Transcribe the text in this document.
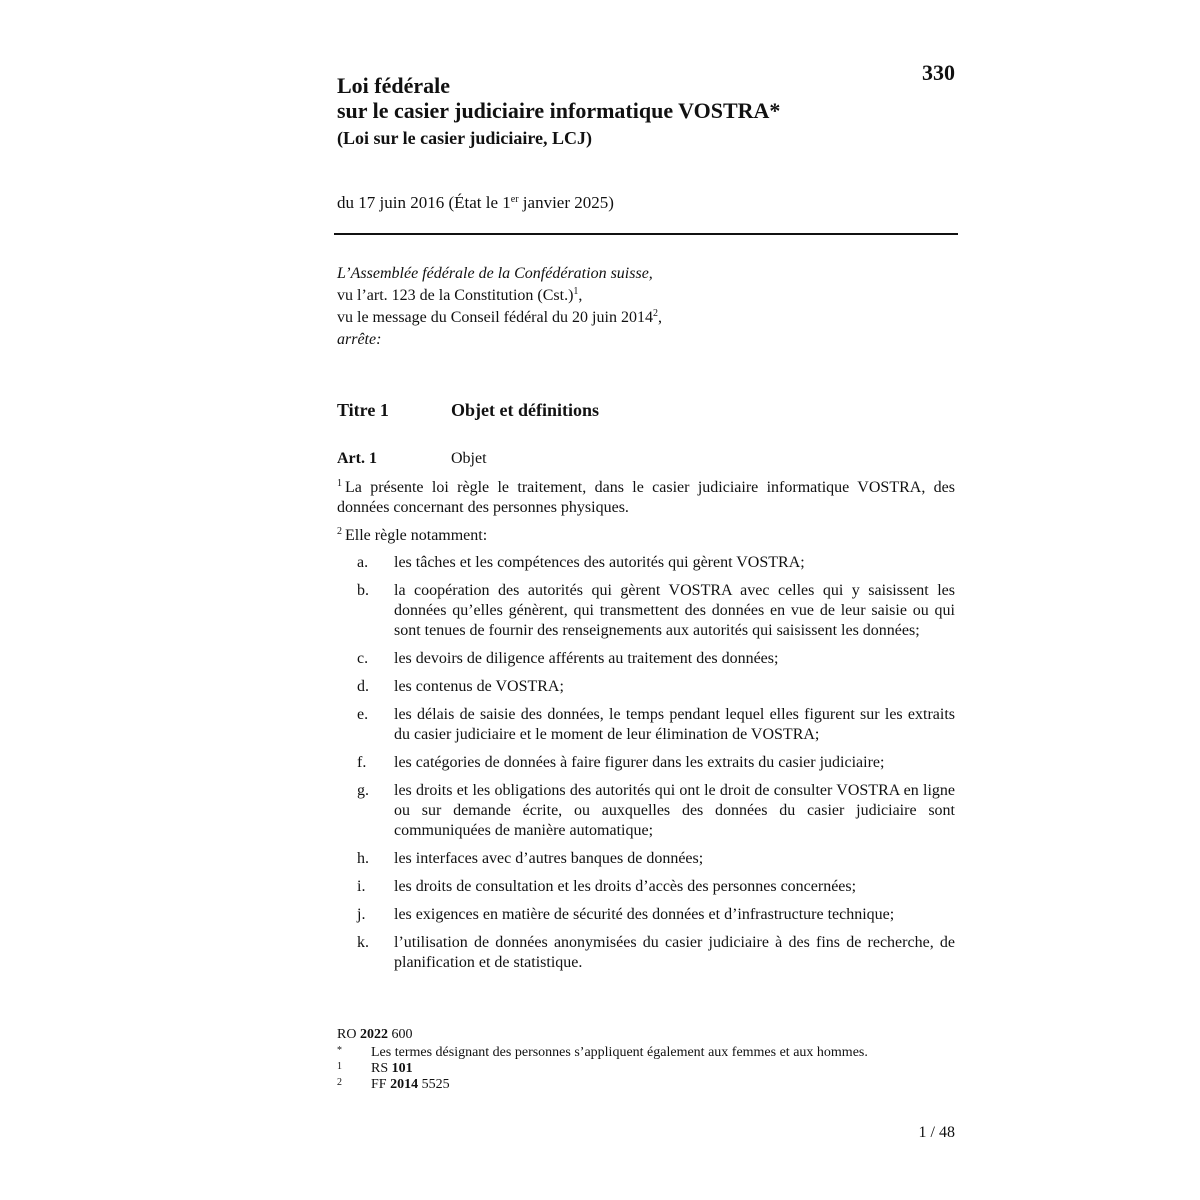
330
Loi fédérale
sur le casier judiciaire informatique VOSTRA*
(Loi sur le casier judiciaire, LCJ)
du 17 juin 2016 (État le 1er janvier 2025)
L’Assemblée fédérale de la Confédération suisse,
vu l’art. 123 de la Constitution (Cst.)$^1$,
vu le message du Conseil fédéral du 20 juin 2014$^2$,
arrête:
Titre 1	Objet et définitions
Art. 1	Objet
$^1$ La présente loi règle le traitement, dans le casier judiciaire informatique VOSTRA, des données concernant des personnes physiques.
$^2$ Elle règle notamment:
a.	les tâches et les compétences des autorités qui gèrent VOSTRA;
b.	la coopération des autorités qui gèrent VOSTRA avec celles qui y saisissent les données qu’elles génèrent, qui transmettent des données en vue de leur saisie ou qui sont tenues de fournir des renseignements aux autorités qui saisissent les données;
c.	les devoirs de diligence afférents au traitement des données;
d.	les contenus de VOSTRA;
e.	les délais de saisie des données, le temps pendant lequel elles figurent sur les extraits du casier judiciaire et le moment de leur élimination de VOSTRA;
f.	les catégories de données à faire figurer dans les extraits du casier judiciaire;
g.	les droits et les obligations des autorités qui ont le droit de consulter VOSTRA en ligne ou sur demande écrite, ou auxquelles des données du casier judiciaire sont communiquées de manière automatique;
h.	les interfaces avec d’autres banques de données;
i.	les droits de consultation et les droits d’accès des personnes concernées;
j.	les exigences en matière de sécurité des données et d’infrastructure technique;
k.	l’utilisation de données anonymisées du casier judiciaire à des fins de recherche, de planification et de statistique.
RO 2022 600
*	Les termes désignant des personnes s’appliquent également aux femmes et aux hommes.
1	RS 101
2	FF 2014 5525
1 / 48
